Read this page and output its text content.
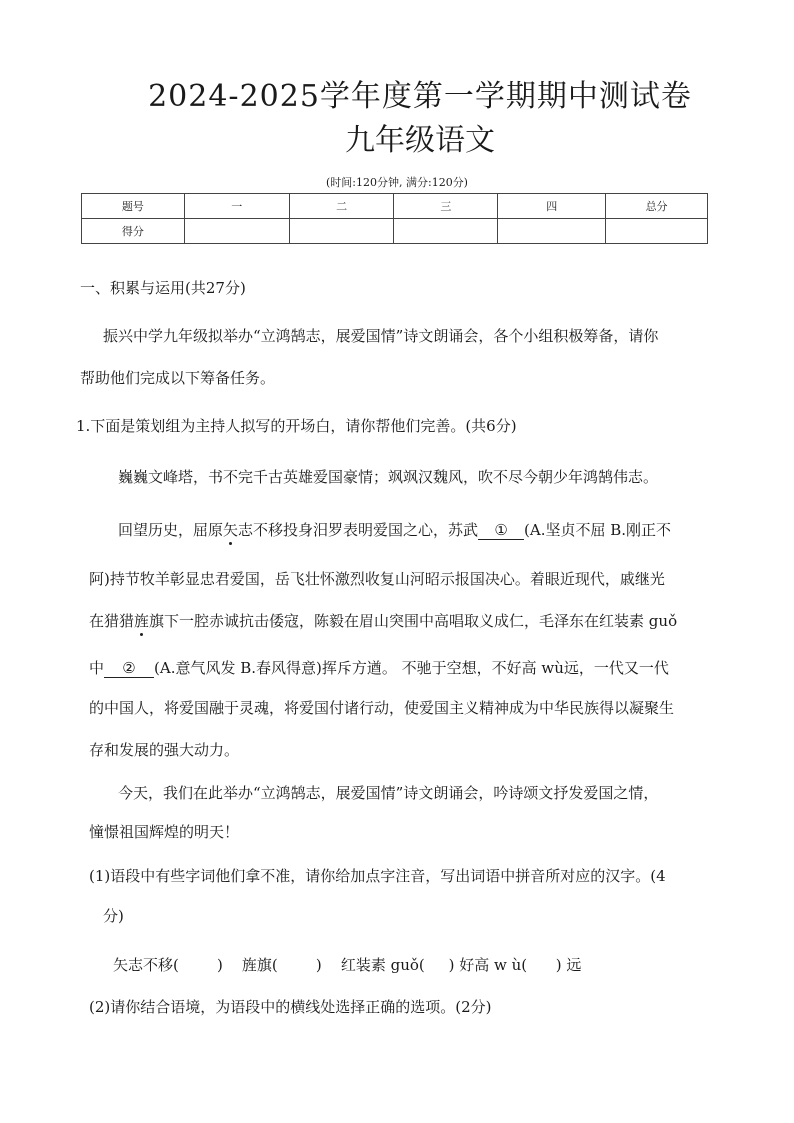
2024-2025学年度第一学期期中测试卷
九年级语文
(时间:120分钟, 满分:120分)
题号	一	二	三	四	总分
得分					
一、积累与运用(共27分)
振兴中学九年级拟举办“立鸿鹄志，展爱国情”诗文朗诵会，各个小组积极筹备，请你
帮助他们完成以下筹备任务。
1.下面是策划组为主持人拟写的开场白，请你帮他们完善。(共6分)
巍巍文峰塔，书不完千古英雄爱国豪情；飒飒汉魏风，吹不尽今朝少年鸿鹄伟志。
回望历史，屈原矢志不移投身汨罗表明爱国之心，苏武 ① (A.坚贞不屈 B.刚正不
阿)持节牧羊彰显忠君爱国，岳飞壮怀激烈收复山河昭示报国决心。着眼近现代，戚继光
在猎猎旌旗下一腔赤诚抗击倭寇，陈毅在眉山突围中高唱取义成仁，毛泽东在红装素 guǒ
中 ② (A.意气风发 B.春风得意)挥斥方遒。 不驰于空想，不好高 wù远，一代又一代
的中国人，将爱国融于灵魂，将爱国付诸行动，使爱国主义精神成为中华民族得以凝聚生
存和发展的强大动力。
今天，我们在此举办“立鸿鹄志，展爱国情”诗文朗诵会，吟诗颂文抒发爱国之情，
憧憬祖国辉煌的明天！
(1)语段中有些字词他们拿不准，请你给加点字注音，写出词语中拼音所对应的汉字。(4
分)
矢志不移(        )    旌旗(        )    红装素 guǒ(     ) 好高 w ù(      ) 远
(2)请你结合语境，为语段中的横线处选择正确的选项。(2分)
